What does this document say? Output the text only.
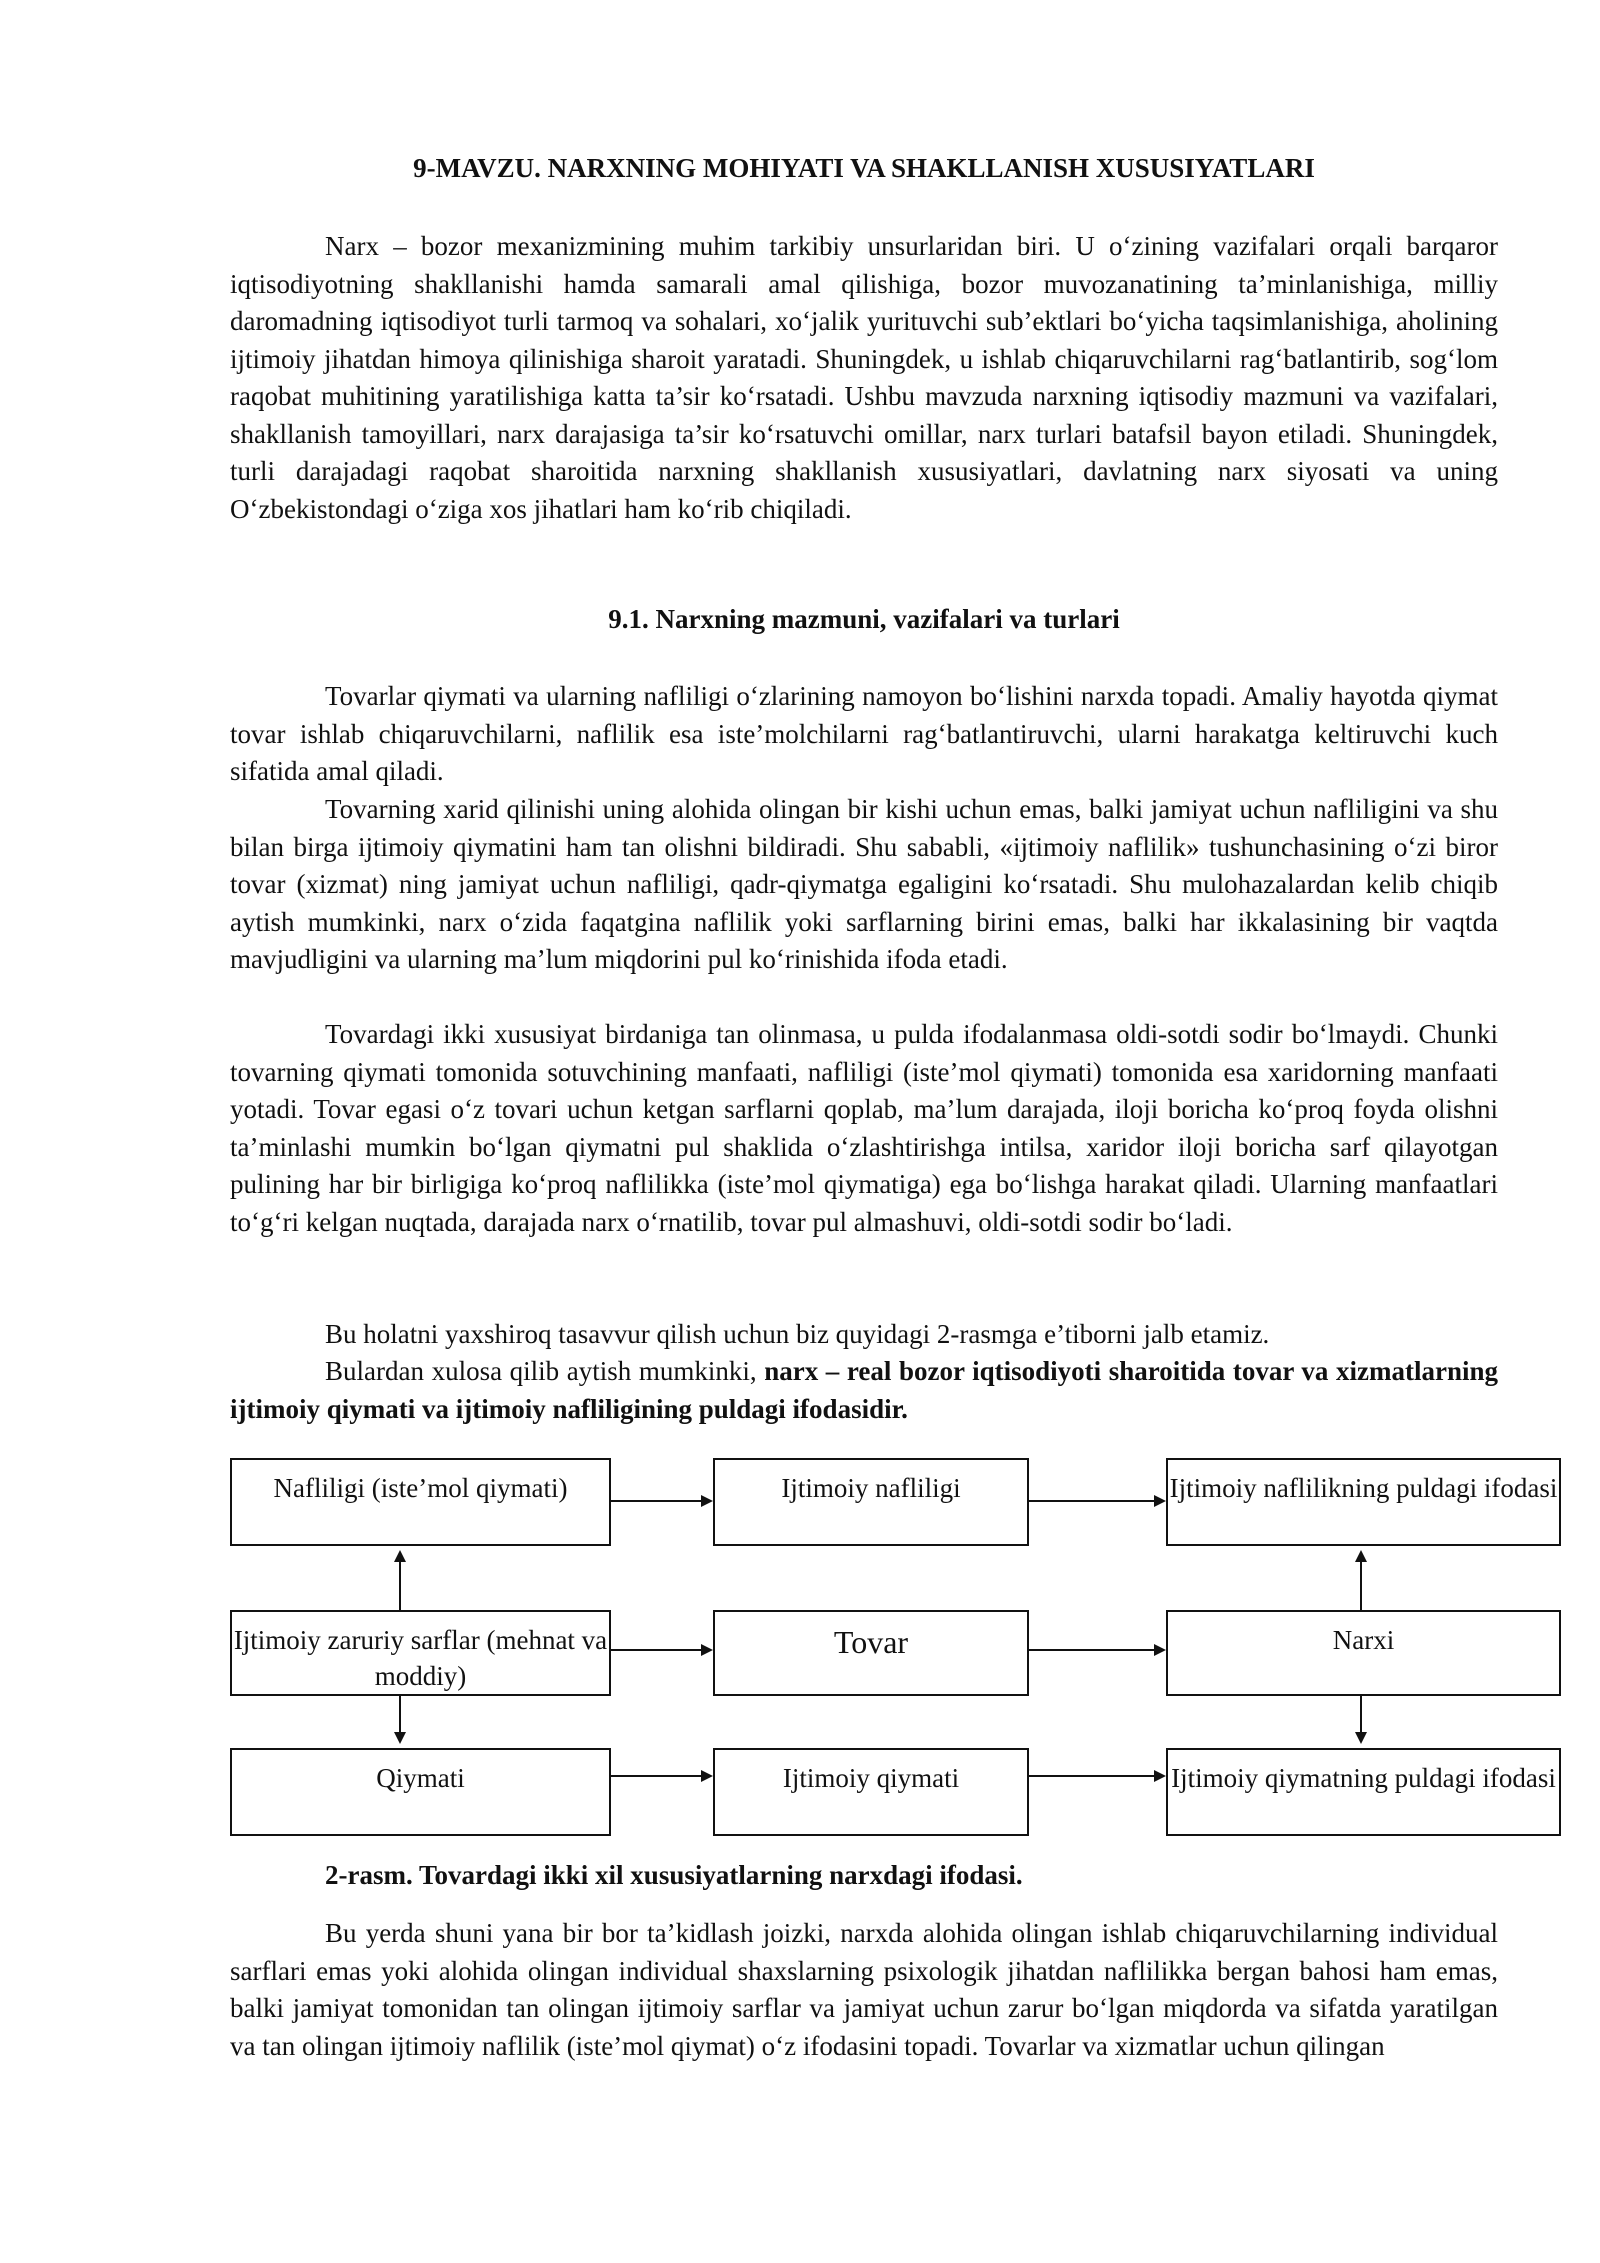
9-MAVZU. NARXNING MOHIYATI VA SHAKLLANISH XUSUSIYATLARI

Narx – bozor mexanizmining muhim tarkibiy unsurlaridan biri. U o‘zining vazifalari orqali barqaror iqtisodiyotning shakllanishi hamda samarali amal qilishiga, bozor muvozanatining ta’minlanishiga, milliy daromadning iqtisodiyot turli tarmoq va sohalari, xo‘jalik yurituvchi sub’ektlari bo‘yicha taqsimlanishiga, aholining ijtimoiy jihatdan himoya qilinishiga sharoit yaratadi. Shuningdek, u ishlab chiqaruvchilarni rag‘batlantirib, sog‘lom raqobat muhitining yaratilishiga katta ta’sir ko‘rsatadi. Ushbu mavzuda narxning iqtisodiy mazmuni va vazifalari, shakllanish tamoyillari, narx darajasiga ta’sir ko‘rsatuvchi omillar, narx turlari batafsil bayon etiladi. Shuningdek, turli darajadagi raqobat sharoitida narxning shakllanish xususiyatlari, davlatning narx siyosati va uning O‘zbekistondagi o‘ziga xos jihatlari ham ko‘rib chiqiladi.

9.1. Narxning mazmuni, vazifalari va turlari

Tovarlar qiymati va ularning nafliligi o‘zlarining namoyon bo‘lishini narxda topadi. Amaliy hayotda qiymat tovar ishlab chiqaruvchilarni, naflilik esa iste’molchilarni rag‘batlantiruvchi, ularni harakatga keltiruvchi kuch sifatida amal qiladi.

Tovarning xarid qilinishi uning alohida olingan bir kishi uchun emas, balki jamiyat uchun nafliligini va shu bilan birga ijtimoiy qiymatini ham tan olishni bildiradi. Shu sababli, «ijtimoiy naflilik» tushunchasining o‘zi biror tovar (xizmat) ning jamiyat uchun nafliligi, qadr-qiymatga egaligini ko‘rsatadi. Shu mulohazalardan kelib chiqib aytish mumkinki, narx o‘zida faqatgina naflilik yoki sarflarning birini emas, balki har ikkalasining bir vaqtda mavjudligini va ularning ma’lum miqdorini pul ko‘rinishida ifoda etadi.

Tovardagi ikki xususiyat birdaniga tan olinmasa, u pulda ifodalanmasa oldi-sotdi sodir bo‘lmaydi. Chunki tovarning qiymati tomonida sotuvchining manfaati, nafliligi (iste’mol qiymati) tomonida esa xaridorning manfaati yotadi. Tovar egasi o‘z tovari uchun ketgan sarflarni qoplab, ma’lum darajada, iloji boricha ko‘proq foyda olishni ta’minlashi mumkin bo‘lgan qiymatni pul shaklida o‘zlashtirishga intilsa, xaridor iloji boricha sarf qilayotgan pulining har bir birligiga ko‘proq naflilikka (iste’mol qiymatiga) ega bo‘lishga harakat qiladi. Ularning manfaatlari to‘g‘ri kelgan nuqtada, darajada narx o‘rnatilib, tovar pul almashuvi, oldi-sotdi sodir bo‘ladi.

Bu holatni yaxshiroq tasavvur qilish uchun biz quyidagi 2-rasmga e’tiborni jalb etamiz.

Bulardan xulosa qilib aytish mumkinki, narx – real bozor iqtisodiyoti sharoitida tovar va xizmatlarning ijtimoiy qiymati va ijtimoiy nafliligining puldagi ifodasidir.

Nafliligi (iste’mol qiymati)	Ijtimoiy nafliligi	Ijtimoiy naflilikning puldagi ifodasi
Ijtimoiy zaruriy sarflar (mehnat va moddiy)
Tovar	Narxi
Qiymati	Ijtimoiy qiymati	Ijtimoiy qiymatning puldagi ifodasi
2-rasm. Tovardagi ikki xil xususiyatlarning narxdagi ifodasi.

Bu yerda shuni yana bir bor ta’kidlash joizki, narxda alohida olingan ishlab chiqaruvchilarning individual sarflari emas yoki alohida olingan individual shaxslarning psixologik jihatdan naflilikka bergan bahosi ham emas, balki jamiyat tomonidan tan olingan ijtimoiy sarflar va jamiyat uchun zarur bo‘lgan miqdorda va sifatda yaratilgan va tan olingan ijtimoiy naflilik (iste’mol qiymat) o‘z ifodasini topadi. Tovarlar va xizmatlar uchun qilingan
